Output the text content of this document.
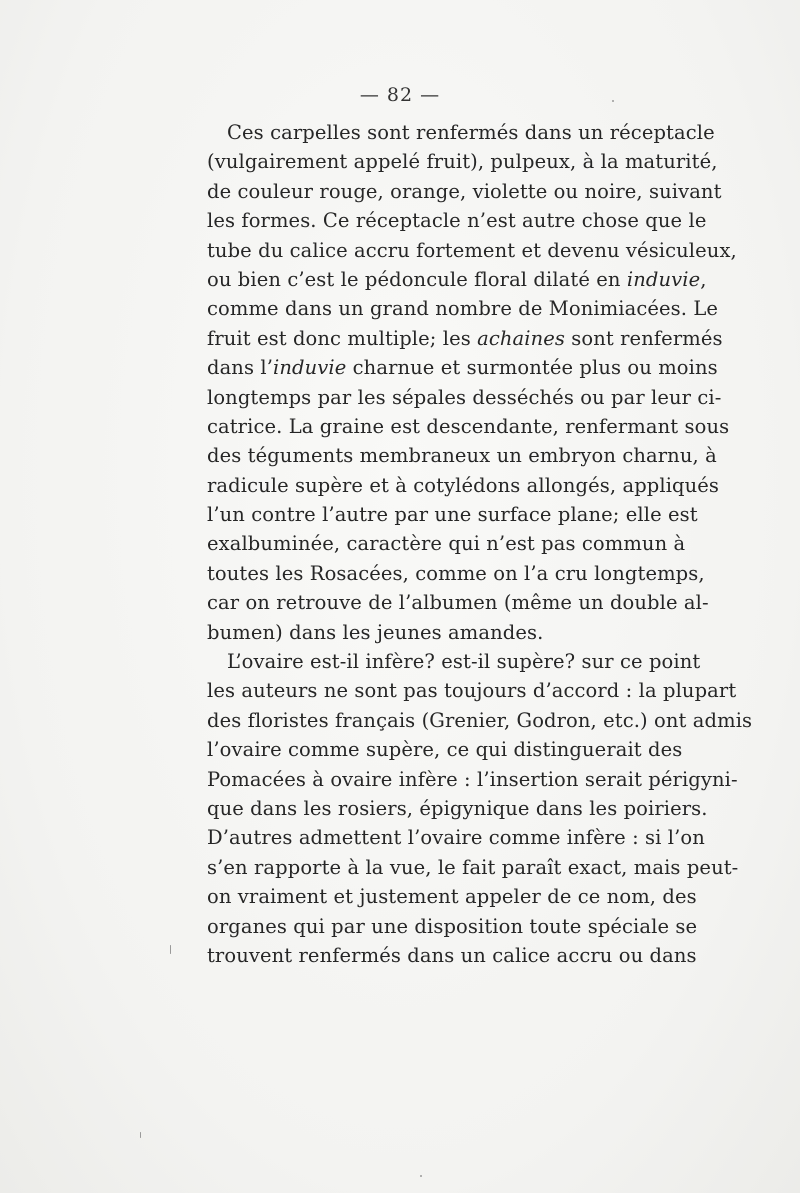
— 82 —
Ces carpelles sont renfermés dans un réceptacle
(vulgairement appelé fruit), pulpeux, à la maturité,
de couleur rouge, orange, violette ou noire, suivant
les formes. Ce réceptacle n’est autre chose que le
tube du calice accru fortement et devenu vésiculeux,
ou bien c’est le pédoncule floral dilaté en induvie,
comme dans un grand nombre de Monimiacées. Le
fruit est donc multiple; les achaines sont renfermés
dans l’induvie charnue et surmontée plus ou moins
longtemps par les sépales desséchés ou par leur ci-
catrice. La graine est descendante, renfermant sous
des téguments membraneux un embryon charnu, à
radicule supère et à cotylédons allongés, appliqués
l’un contre l’autre par une surface plane; elle est
exalbuminée, caractère qui n’est pas commun à
toutes les Rosacées, comme on l’a cru longtemps,
car on retrouve de l’albumen (même un double al-
bumen) dans les jeunes amandes.
L’ovaire est-il infère? est-il supère? sur ce point
les auteurs ne sont pas toujours d’accord : la plupart
des floristes français (Grenier, Godron, etc.) ont admis
l’ovaire comme supère, ce qui distinguerait des
Pomacées à ovaire infère : l’insertion serait périgyni-
que dans les rosiers, épigynique dans les poiriers.
D’autres admettent l’ovaire comme infère : si l’on
s’en rapporte à la vue, le fait paraît exact, mais peut-
on vraiment et justement appeler de ce nom, des
organes qui par une disposition toute spéciale se
trouvent renfermés dans un calice accru ou dans
